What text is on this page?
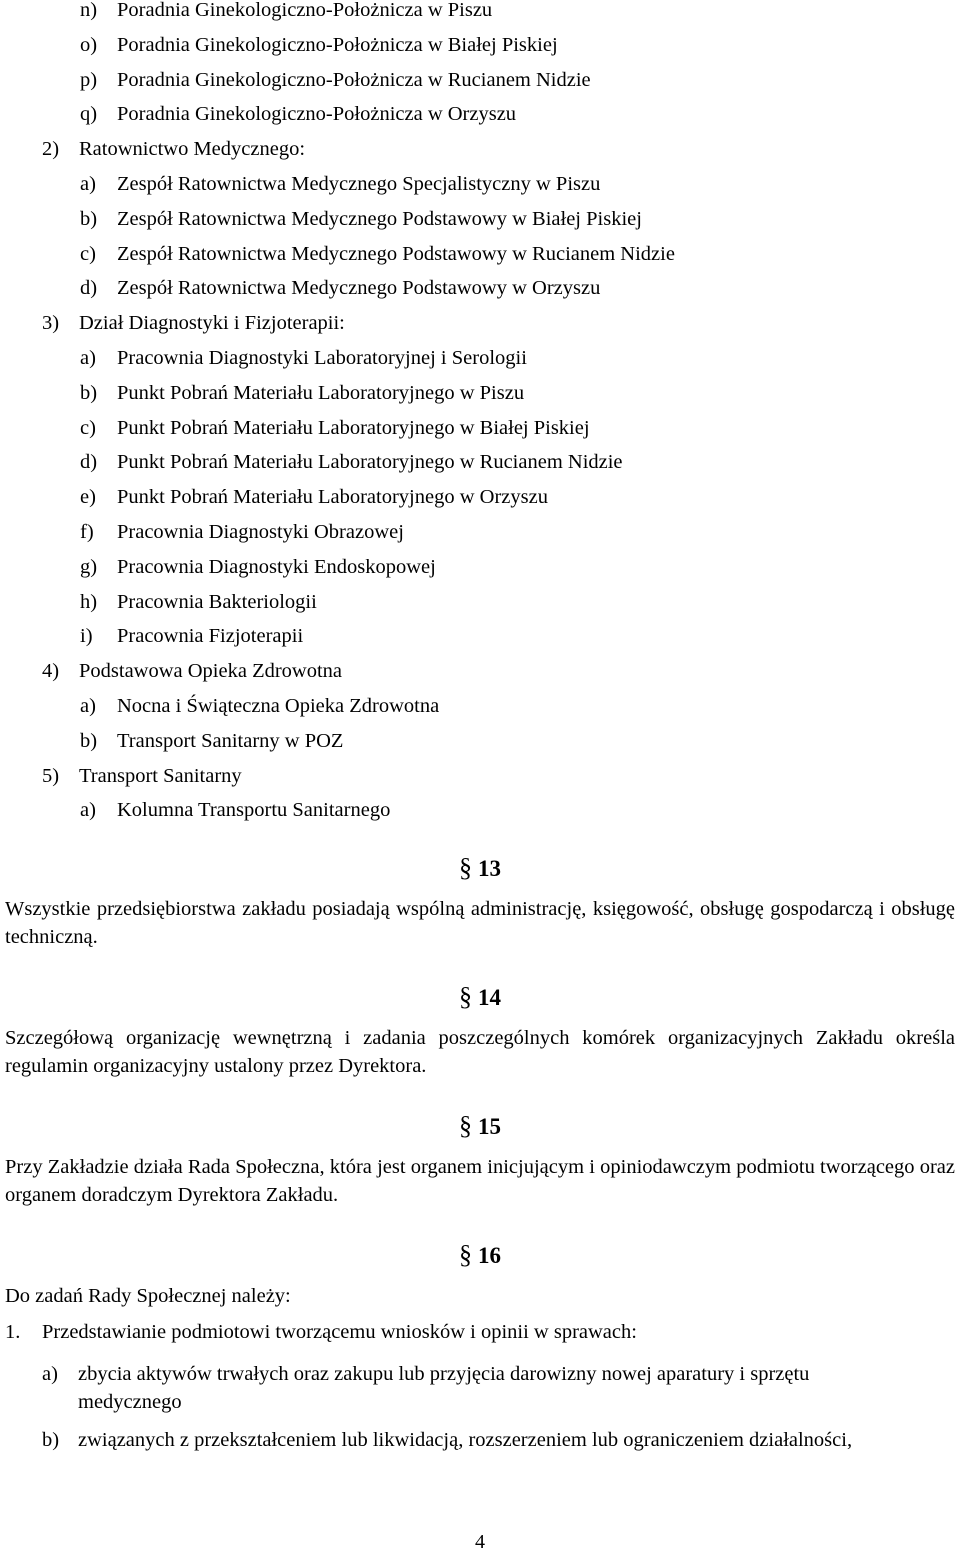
n) Poradnia Ginekologiczno-Położnicza w Piszu
o) Poradnia Ginekologiczno-Położnicza w Białej Piskiej
p) Poradnia Ginekologiczno-Położnicza w Rucianem Nidzie
q) Poradnia Ginekologiczno-Położnicza w Orzyszu
2) Ratownictwo Medycznego:
a)	Zespół Ratownictwa Medycznego Specjalistyczny w Piszu
b) Zespół Ratownictwa Medycznego Podstawowy w Białej Piskiej
c)	Zespół Ratownictwa Medycznego Podstawowy w Rucianem Nidzie
d) Zespół Ratownictwa Medycznego Podstawowy w Orzyszu
3) Dział Diagnostyki i Fizjoterapii:
a)	Pracownia Diagnostyki Laboratoryjnej i Serologii
b) Punkt Pobrań Materiału Laboratoryjnego w Piszu
c)	Punkt Pobrań Materiału Laboratoryjnego w Białej Piskiej
d) Punkt Pobrań Materiału Laboratoryjnego w Rucianem Nidzie
e)	Punkt Pobrań Materiału Laboratoryjnego w Orzyszu
f)	Pracownia Diagnostyki Obrazowej
g) Pracownia Diagnostyki Endoskopowej
h) Pracownia Bakteriologii
i)	Pracownia Fizjoterapii
4) Podstawowa Opieka Zdrowotna
a)	Nocna i Świąteczna Opieka Zdrowotna
b) Transport Sanitarny w POZ
5) Transport Sanitarny
a)	Kolumna Transportu Sanitarnego
§ 13
Wszystkie przedsiębiorstwa zakładu posiadają wspólną administrację, księgowość, obsługę gospodarczą i obsługę techniczną.
§ 14
Szczegółową organizację wewnętrzną i zadania poszczególnych komórek organizacyjnych Zakładu określa regulamin organizacyjny ustalony przez Dyrektora.
§ 15
Przy Zakładzie działa Rada Społeczna, która jest organem inicjującym i opiniodawczym podmiotu tworzącego oraz organem doradczym Dyrektora Zakładu.
§ 16
Do zadań Rady Społecznej należy:
1.	Przedstawianie podmiotowi tworzącemu wniosków i opinii w sprawach:
a) zbycia aktywów trwałych oraz zakupu lub przyjęcia darowizny nowej aparatury i sprzętu medycznego
b) związanych z przekształceniem lub likwidacją, rozszerzeniem lub ograniczeniem działalności,
4
